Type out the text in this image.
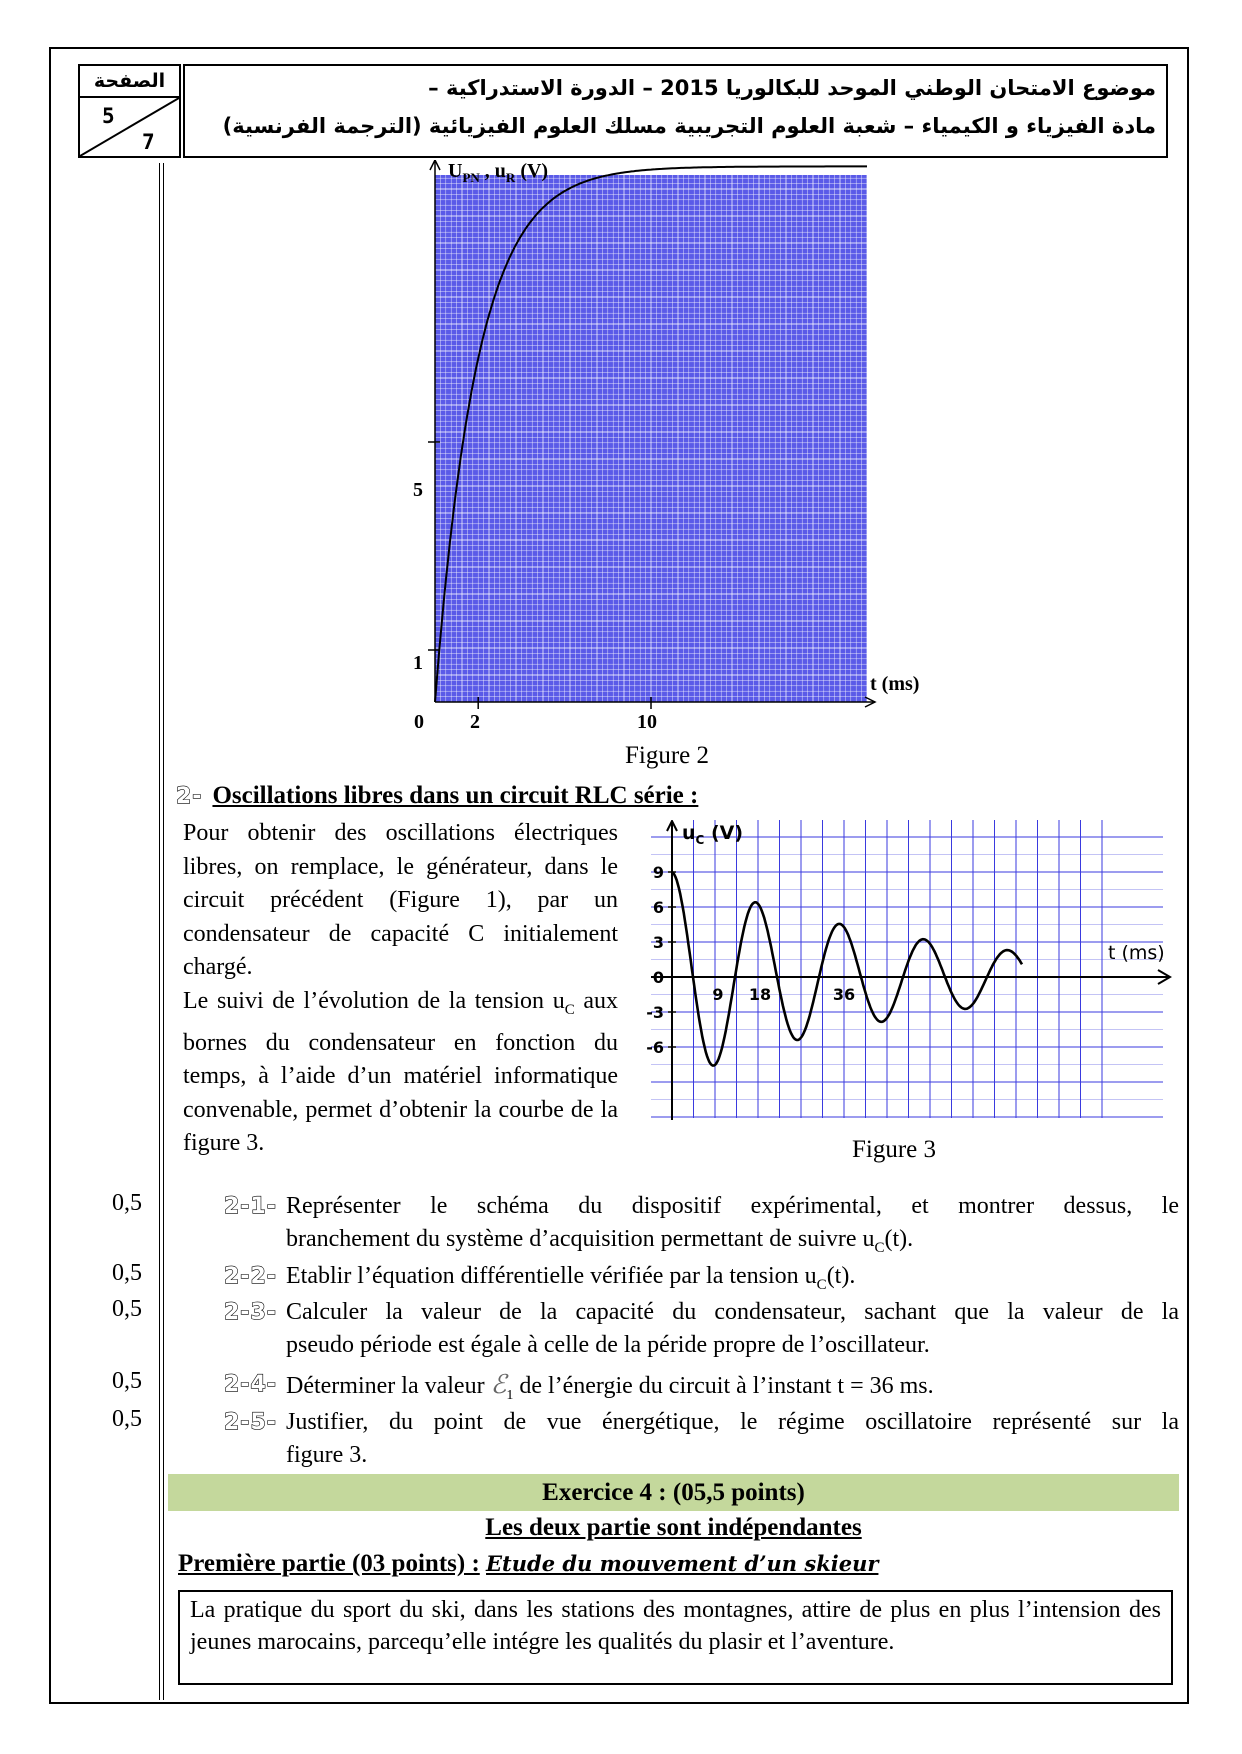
الصفحة
5
7
موضوع الامتحان الوطني الموحد للبكالوريا 2015 – الدورة الاستدراكية –
مادة الفيزياء و الكيمياء – شعبة العلوم التجريبية مسلك العلوم الفيزيائية (الترجمة الفرنسية)
$U_{PN}$ , $u_R$ (V)
t (ms)
5
1
0 2	10
Figure 2
2- Oscillations libres dans un circuit RLC série :
Pour obtenir des oscillations électriques libres, on remplace, le générateur, dans le circuit précédent (Figure 1), par un condensateur de capacité C initialement chargé.
Le suivi de l’évolution de la tension $u_C$ aux bornes du condensateur en fonction du temps, à l’aide d’un matériel informatique convenable, permet d’obtenir la courbe de la figure 3.
9
6
3
0
-3
-6
9 18	36
$u_C$ (V)
t (ms)
Figure 3
0,5	2-1- Représenter le schéma du dispositif expérimental, et montrer dessus, le
branchement du système d’acquisition permettant de suivre $u_C(t)$.
0,5	2-2- Etablir l’équation différentielle vérifiée par la tension $u_C(t)$.
0,5	2-3- Calculer la valeur de la capacité du condensateur, sachant que la valeur de la
pseudo période est égale à celle de la péride propre de l’oscillateur.
0,5	2-4- Déterminer la valeur ℰ$_1$ de l’énergie du circuit à l’instant t = 36 ms.
0,5	2-5- Justifier, du point de vue énergétique, le régime oscillatoire représenté sur la
figure 3.
Exercice 4 : (05,5 points)
Les deux partie sont indépendantes
Première partie (03 points) : Etude du mouvement d’un skieur
La pratique du sport du ski, dans les stations des montagnes, attire de plus en plus l’intension des jeunes marocains, parcequ’elle intégre les qualités du plasir et l’aventure.
